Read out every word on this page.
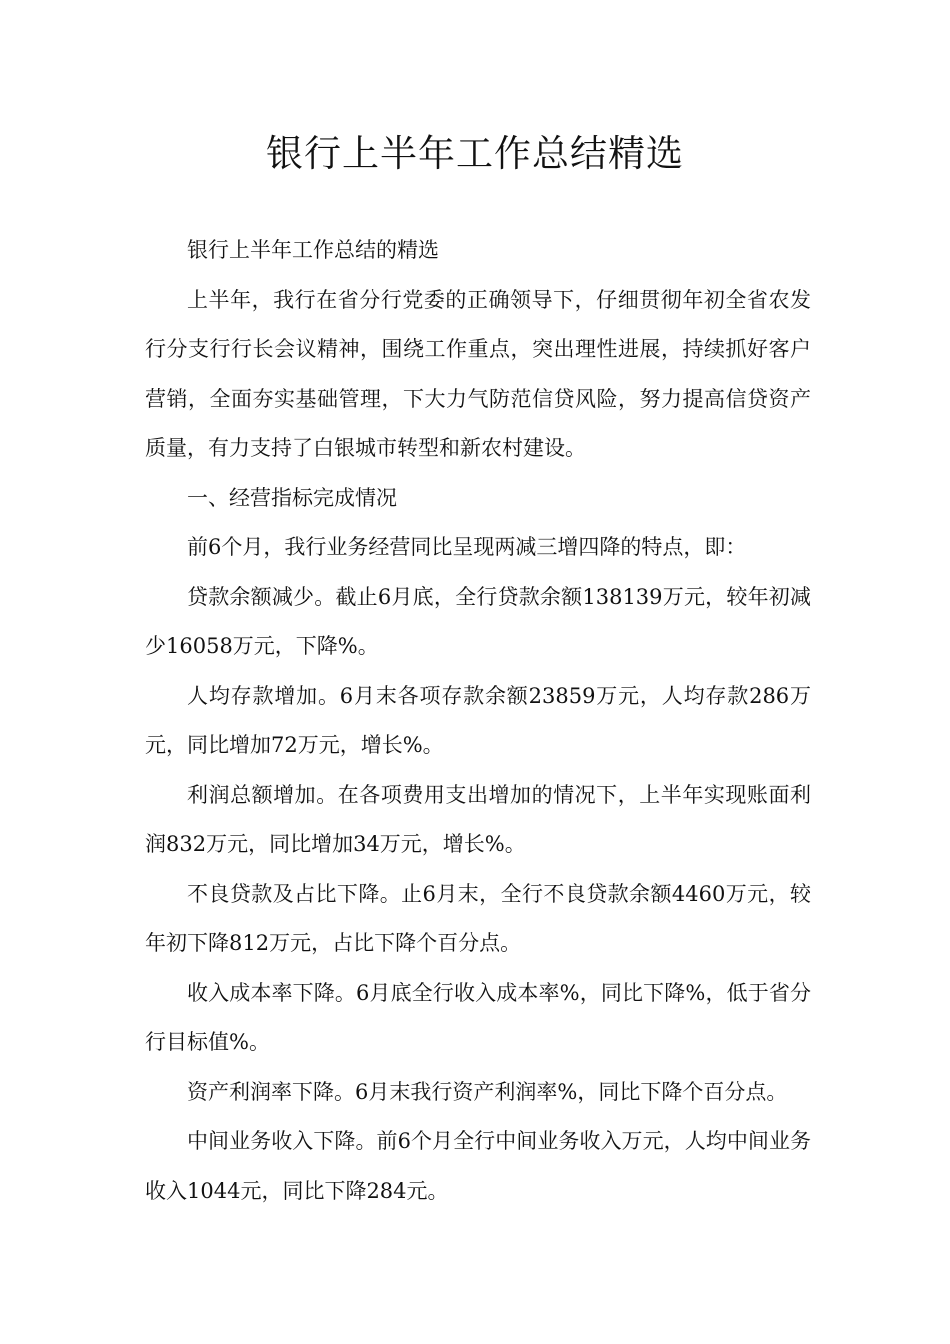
银行上半年工作总结精选

银行上半年工作总结的精选

上半年，我行在省分行党委的正确领导下，仔细贯彻年初全省农发行分支行行长会议精神，围绕工作重点，突出理性进展，持续抓好客户营销，全面夯实基础管理，下大力气防范信贷风险，努力提高信贷资产质量，有力支持了白银城市转型和新农村建设。

一、经营指标完成情况

前6个月，我行业务经营同比呈现两减三增四降的特点，即：

贷款余额减少。截止6月底，全行贷款余额138139万元，较年初减少16058万元，下降%。

人均存款增加。6月末各项存款余额23859万元，人均存款286万元，同比增加72万元，增长%。

利润总额增加。在各项费用支出增加的情况下，上半年实现账面利润832万元，同比增加34万元，增长%。

不良贷款及占比下降。止6月末，全行不良贷款余额4460万元，较年初下降812万元，占比下降个百分点。

收入成本率下降。6月底全行收入成本率%，同比下降%，低于省分行目标值%。

资产利润率下降。6月末我行资产利润率%，同比下降个百分点。

中间业务收入下降。前6个月全行中间业务收入万元，人均中间业务收入1044元，同比下降284元。
